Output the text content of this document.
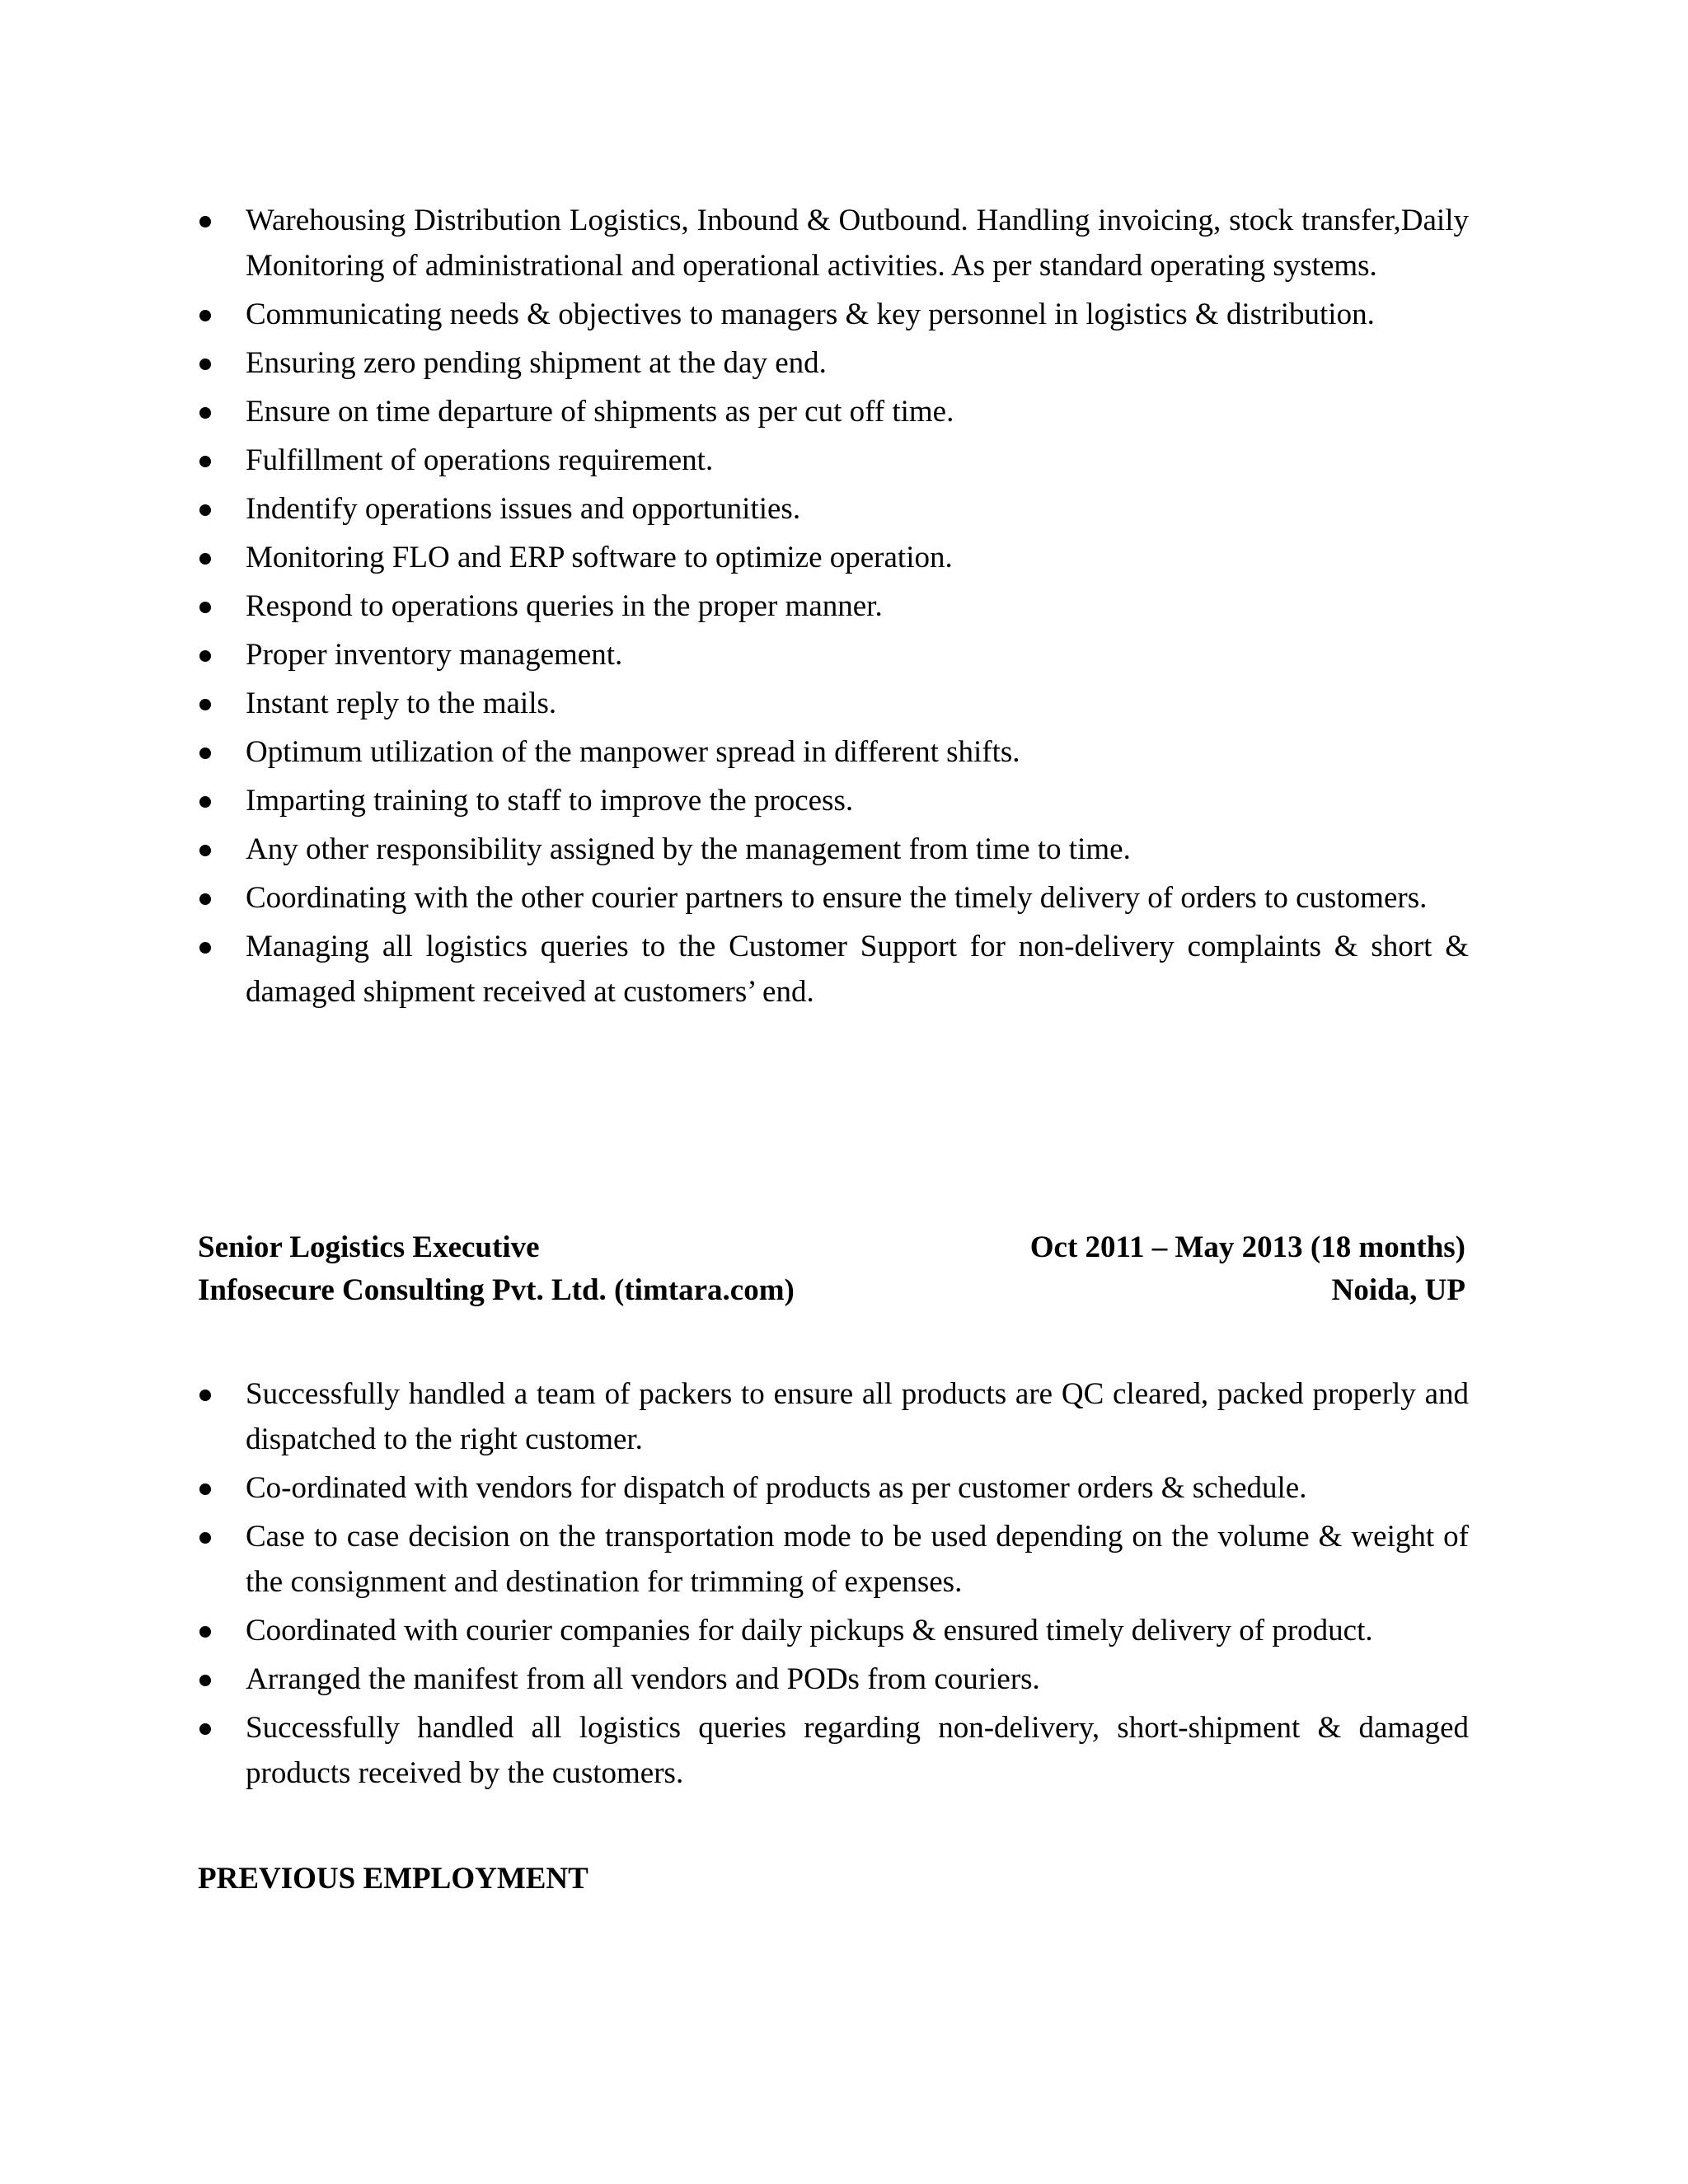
Warehousing Distribution Logistics, Inbound & Outbound. Handling invoicing, stock transfer,Daily Monitoring of administrational and operational activities. As per standard operating systems.
Communicating needs & objectives to managers & key personnel in logistics & distribution.
Ensuring zero pending shipment at the day end.
Ensure on time departure of shipments as per cut off time.
Fulfillment of operations requirement.
Indentify operations issues and opportunities.
Monitoring FLO and ERP software to optimize operation.
Respond to operations queries in the proper manner.
Proper inventory management.
Instant reply to the mails.
Optimum utilization of the manpower spread in different shifts.
Imparting training to staff to improve the process.
Any other responsibility assigned by the management from time to time.
Coordinating with the other courier partners to ensure the timely delivery of orders to customers.
Managing all logistics queries to the Customer Support for non-delivery complaints & short & damaged shipment received at customers’ end.
Senior Logistics Executive	Oct 2011 – May 2013 (18 months)
Infosecure Consulting Pvt. Ltd. (timtara.com)	Noida, UP
Successfully handled a team of packers to ensure all products are QC cleared, packed properly and dispatched to the right customer.
Co-ordinated with vendors for dispatch of products as per customer orders & schedule.
Case to case decision on the transportation mode to be used depending on the volume & weight of the consignment and destination for trimming of expenses.
Coordinated with courier companies for daily pickups & ensured timely delivery of product.
Arranged the manifest from all vendors and PODs from couriers.
Successfully handled all logistics queries regarding non-delivery, short-shipment & damaged products received by the customers.
PREVIOUS EMPLOYMENT
